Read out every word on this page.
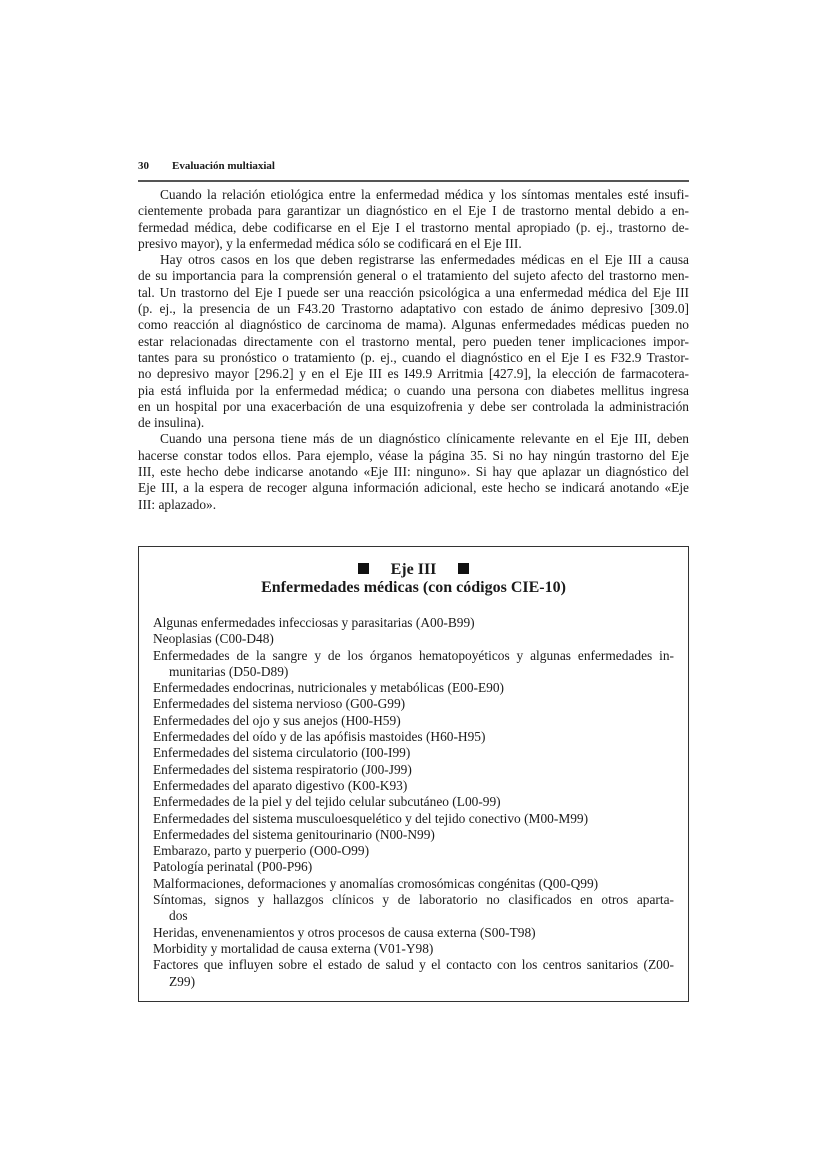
30 Evaluación multiaxial
Cuando la relación etiológica entre la enfermedad médica y los síntomas mentales esté insufi-
cientemente probada para garantizar un diagnóstico en el Eje I de trastorno mental debido a en-
fermedad médica, debe codificarse en el Eje I el trastorno mental apropiado (p. ej., trastorno de-
presivo mayor), y la enfermedad médica sólo se codificará en el Eje III.
Hay otros casos en los que deben registrarse las enfermedades médicas en el Eje III a causa
de su importancia para la comprensión general o el tratamiento del sujeto afecto del trastorno men-
tal. Un trastorno del Eje I puede ser una reacción psicológica a una enfermedad médica del Eje III
(p. ej., la presencia de un F43.20 Trastorno adaptativo con estado de ánimo depresivo [309.0]
como reacción al diagnóstico de carcinoma de mama). Algunas enfermedades médicas pueden no
estar relacionadas directamente con el trastorno mental, pero pueden tener implicaciones impor-
tantes para su pronóstico o tratamiento (p. ej., cuando el diagnóstico en el Eje I es F32.9 Trastor-
no depresivo mayor [296.2] y en el Eje III es I49.9 Arritmia [427.9], la elección de farmacotera-
pia está influida por la enfermedad médica; o cuando una persona con diabetes mellitus ingresa
en un hospital por una exacerbación de una esquizofrenia y debe ser controlada la administración
de insulina).
Cuando una persona tiene más de un diagnóstico clínicamente relevante en el Eje III, deben
hacerse constar todos ellos. Para ejemplo, véase la página 35. Si no hay ningún trastorno del Eje
III, este hecho debe indicarse anotando «Eje III: ninguno». Si hay que aplazar un diagnóstico del
Eje III, a la espera de recoger alguna información adicional, este hecho se indicará anotando «Eje
III: aplazado».
Eje III
Enfermedades médicas (con códigos CIE-10)
Algunas enfermedades infecciosas y parasitarias (A00-B99)
Neoplasias (C00-D48)
Enfermedades de la sangre y de los órganos hematopoyéticos y algunas enfermedades in-
munitarias (D50-D89)
Enfermedades endocrinas, nutricionales y metabólicas (E00-E90)
Enfermedades del sistema nervioso (G00-G99)
Enfermedades del ojo y sus anejos (H00-H59)
Enfermedades del oído y de las apófisis mastoides (H60-H95)
Enfermedades del sistema circulatorio (I00-I99)
Enfermedades del sistema respiratorio (J00-J99)
Enfermedades del aparato digestivo (K00-K93)
Enfermedades de la piel y del tejido celular subcutáneo (L00-99)
Enfermedades del sistema musculoesquelético y del tejido conectivo (M00-M99)
Enfermedades del sistema genitourinario (N00-N99)
Embarazo, parto y puerperio (O00-O99)
Patología perinatal (P00-P96)
Malformaciones, deformaciones y anomalías cromosómicas congénitas (Q00-Q99)
Síntomas, signos y hallazgos clínicos y de laboratorio no clasificados en otros aparta-
dos
Heridas, envenenamientos y otros procesos de causa externa (S00-T98)
Morbidity y mortalidad de causa externa (V01-Y98)
Factores que influyen sobre el estado de salud y el contacto con los centros sanitarios (Z00-
Z99)
